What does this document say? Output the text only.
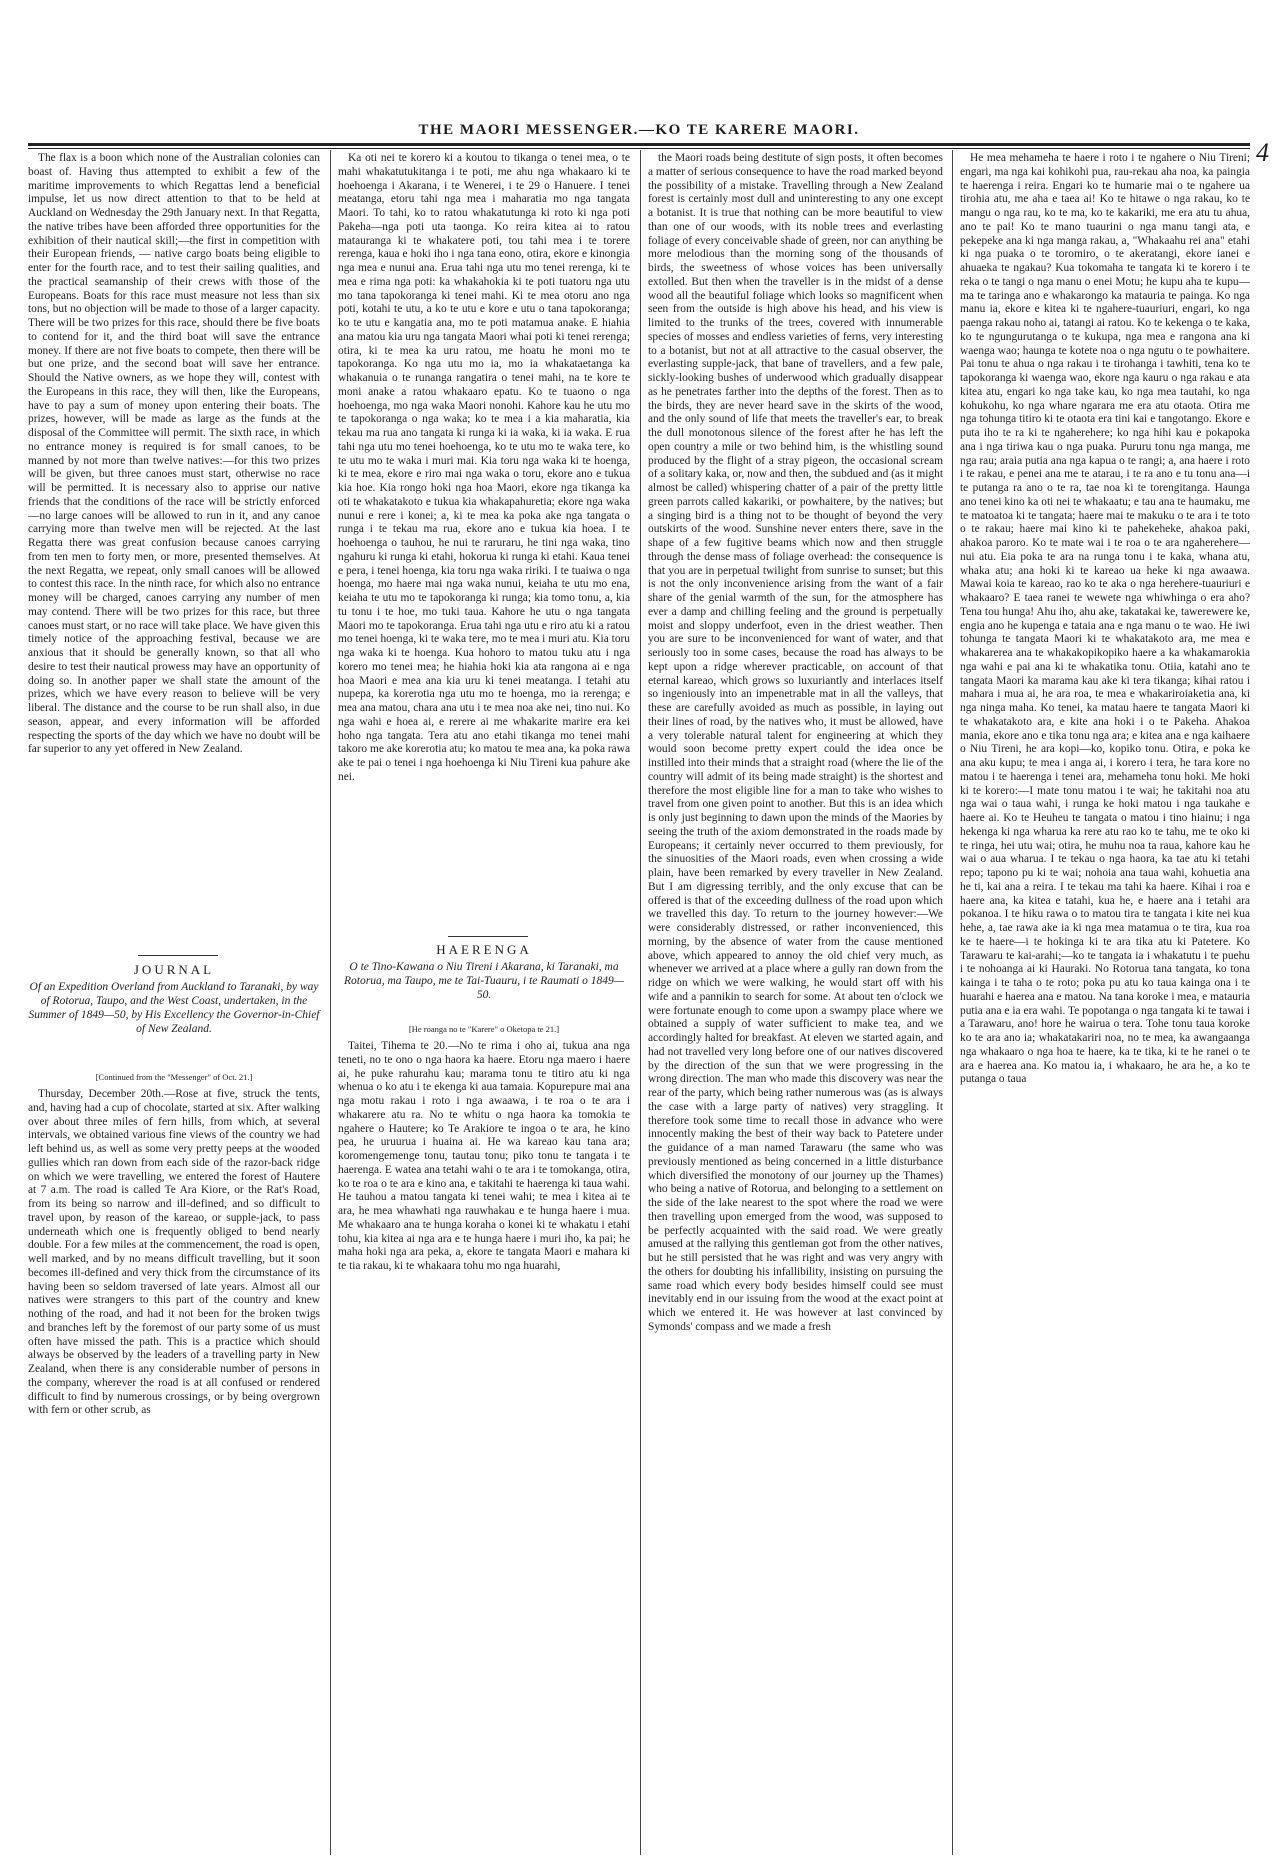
THE MAORI MESSENGER.—KO TE KARERE MAORI.
4

The flax is a boon which none of the Australian colonies can boast of. Having thus attempted to exhibit a few of the maritime improvements to which Regattas lend a beneficial impulse, let us now direct attention to that to be held at Auckland on Wednesday the 29th January next. In that Regatta, the native tribes have been afforded three opportunities for the exhibition of their nautical skill;—the first in competition with their European friends, — native cargo boats being eligible to enter for the fourth race, and to test their sailing qualities, and the practical seamanship of their crews with those of the Europeans. Boats for this race must measure not less than six tons, but no objection will be made to those of a larger capacity. There will be two prizes for this race, should there be five boats to contend for it, and the third boat will save the entrance money. If there are not five boats to compete, then there will be but one prize, and the second boat will save her entrance. Should the Native owners, as we hope they will, contest with the Europeans in this race, they will then, like the Europeans, have to pay a sum of money upon entering their boats. The prizes, however, will be made as large as the funds at the disposal of the Committee will permit. The sixth race, in which no entrance money is required is for small canoes, to be manned by not more than twelve natives:—for this two prizes will be given, but three canoes must start, otherwise no race will be permitted. It is necessary also to apprise our native friends that the conditions of the race will be strictly enforced—no large canoes will be allowed to run in it, and any canoe carrying more than twelve men will be rejected. At the last Regatta there was great confusion because canoes carrying from ten men to forty men, or more, presented themselves. At the next Regatta, we repeat, only small canoes will be allowed to contest this race. In the ninth race, for which also no entrance money will be charged, canoes carrying any number of men may contend. There will be two prizes for this race, but three canoes must start, or no race will take place. We have given this timely notice of the approaching festival, because we are anxious that it should be generally known, so that all who desire to test their nautical prowess may have an opportunity of doing so. In another paper we shall state the amount of the prizes, which we have every reason to believe will be very liberal. The distance and the course to be run shall also, in due season, appear, and every information will be afforded respecting the sports of the day which we have no doubt will be far superior to any yet offered in New Zealand.

Ka oti nei te korero ki a koutou to tikanga o tenei mea, o te mahi whakatutukitanga i te poti, me ahu nga whakaaro ki te hoehoenga i Akarana, i te Wenerei, i te 29 o Hanuere. I tenei meatanga, etoru tahi nga mea i maharatia mo nga tangata Maori. To tahi, ko to ratou whakatutunga ki roto ki nga poti Pakeha—nga poti uta taonga. Ko reira kitea ai to ratou matauranga ki te whakatere poti, tou tahi mea i te torere rerenga, kaua e hoki iho i nga tana eono, otira, ekore e kinongia nga mea e nunui ana. Erua tahi nga utu mo tenei rerenga, ki te mea e rima nga poti: ka whakahokia ki te poti tuatoru nga utu mo tana tapokoranga ki tenei mahi. Ki te mea otoru ano nga poti, kotahi te utu, a ko te utu e kore e utu o tana tapokoranga; ko te utu e kangatia ana, mo te poti matamua anake. E hiahia ana matou kia uru nga tangata Maori whai poti ki tenei rerenga; otira, ki te mea ka uru ratou, me hoatu he moni mo te tapokoranga. Ko nga utu mo ia, mo ia whakataetanga ka whakanuia o te runanga rangatira o tenei mahi, na te kore te moni anake a ratou whakaaro epatu. Ko te tuaono o nga hoehoenga, mo nga waka Maori nonohi. Kahore kau he utu mo te tapokoranga o nga waka; ko te mea i a kia maharatia, kia tekau ma rua ano tangata ki runga ki ia waka, ki ia waka. E rua tahi nga utu mo tenei hoehoenga, ko te utu mo te waka tere, ko te utu mo te waka i muri mai. Kia toru nga waka ki te hoenga, ki te mea, ekore e riro mai nga waka o toru, ekore ano e tukua kia hoe. Kia rongo hoki nga hoa Maori, ekore nga tikanga ka oti te whakatakoto e tukua kia whakapahuretia; ekore nga waka nunui e rere i konei; a, ki te mea ka poka ake nga tangata o runga i te tekau ma rua, ekore ano e tukua kia hoea. I te hoehoenga o tauhou, he nui te raruraru, he tini nga waka, tino ngahuru ki runga ki etahi, hokorua ki runga ki etahi. Kaua tenei e pera, i tenei hoenga, kia toru nga waka ririki. I te tuaiwa o nga hoenga, mo haere mai nga waka nunui, keiaha te utu mo ena, keiaha te utu mo te tapokoranga ki runga; kia tomo tonu, a, kia tu tonu i te hoe, mo tuki taua. Kahore he utu o nga tangata Maori mo te tapokoranga. Erua tahi nga utu e riro atu ki a ratou mo tenei hoenga, ki te waka tere, mo te mea i muri atu. Kia toru nga waka ki te hoenga. Kua hohoro to matou tuku atu i nga korero mo tenei mea; he hiahia hoki kia ata rangona ai e nga hoa Maori e mea ana kia uru ki tenei meatanga. I tetahi atu nupepa, ka korerotia nga utu mo te hoenga, mo ia rerenga; e mea ana matou, chara ana utu i te mea noa ake nei, tino nui. Ko nga wahi e hoea ai, e rerere ai me whakarite marire era kei hoho nga tangata. Tera atu ano etahi tikanga mo tenei mahi takoro me ake korerotia atu; ko matou te mea ana, ka poka rawa ake te pai o tenei i nga hoehoenga ki Niu Tireni kua pahure ake nei.

JOURNAL
Of an Expedition Overland from Auckland to Taranaki, by way of Rotorua, Taupo, and the West Coast, undertaken, in the Summer of 1849—50, by His Excellency the Governor-in-Chief of New Zealand.
[Continued from the "Messenger" of Oct. 21.]

Thursday, December 20th.—Rose at five, struck the tents, and, having had a cup of chocolate, started at six. After walking over about three miles of fern hills, from which, at several intervals, we obtained various fine views of the country we had left behind us, as well as some very pretty peeps at the wooded gullies which ran down from each side of the razor-back ridge on which we were travelling, we entered the forest of Hautere at 7 a.m. The road is called Te Ara Kiore, or the Rat's Road, from its being so narrow and ill-defined, and so difficult to travel upon, by reason of the kareao, or supple-jack, to pass underneath which one is frequently obliged to bend nearly double. For a few miles at the commencement, the road is open, well marked, and by no means difficult travelling, but it soon becomes ill-defined and very thick from the circumstance of its having been so seldom traversed of late years. Almost all our natives were strangers to this part of the country and knew nothing of the road, and had it not been for the broken twigs and branches left by the foremost of our party some of us must often have missed the path. This is a practice which should always be observed by the leaders of a travelling party in New Zealand, when there is any considerable number of persons in the company, wherever the road is at all confused or rendered difficult to find by numerous crossings, or by being overgrown with fern or other scrub, as

HAERENGA
O te Tino-Kawana o Niu Tireni i Akarana, ki Taranaki, ma Rotorua, ma Taupo, me te Tai-Tuauru, i te Raumati o 1849—50.
[He roanga no te "Karere" o Oketopa te 21.]

Taitei, Tihema te 20.—No te rima i oho ai, tukua ana nga teneti, no te ono o nga haora ka haere. Etoru nga maero i haere ai, he puke rahurahu kau; marama tonu te titiro atu ki nga whenua o ko atu i te ekenga ki aua tamaia. Kopurepure mai ana nga motu rakau i roto i nga awaawa, i te roa o te ara i whakarere atu ra. No te whitu o nga haora ka tomokia te ngahere o Hautere; ko Te Arakiore te ingoa o te ara, he kino pea, he uruurua i huaina ai. He wa kareao kau tana ara; koromengemenge tonu, tautau tonu; piko tonu te tangata i te haerenga. E watea ana tetahi wahi o te ara i te tomokanga, otira, ko te roa o te ara e kino ana, e takitahi te haerenga ki taua wahi. He tauhou a matou tangata ki tenei wahi; te mea i kitea ai te ara, he mea whawhati nga rauwhakau e te hunga haere i mua. Me whakaaro ana te hunga koraha o konei ki te whakatu i etahi tohu, kia kitea ai nga ara e te hunga haere i muri iho, ka pai; he maha hoki nga ara peka, a, ekore te tangata Maori e mahara ki te tia rakau, ki te whakaara tohu mo nga huarahi,

the Maori roads being destitute of sign posts, it often becomes a matter of serious consequence to have the road marked beyond the possibility of a mistake. Travelling through a New Zealand forest is certainly most dull and uninteresting to any one except a botanist. It is true that nothing can be more beautiful to view than one of our woods, with its noble trees and everlasting foliage of every conceivable shade of green, nor can anything be more melodious than the morning song of the thousands of birds, the sweetness of whose voices has been universally extolled. But then when the traveller is in the midst of a dense wood all the beautiful foliage which looks so magnificent when seen from the outside is high above his head, and his view is limited to the trunks of the trees, covered with innumerable species of mosses and endless varieties of ferns, very interesting to a botanist, but not at all attractive to the casual observer, the everlasting supple-jack, that bane of travellers, and a few pale, sickly-looking bushes of underwood which gradually disappear as he penetrates farther into the depths of the forest. Then as to the birds, they are never heard save in the skirts of the wood, and the only sound of life that meets the traveller's ear, to break the dull monotonous silence of the forest after he has left the open country a mile or two behind him, is the whistling sound produced by the flight of a stray pigeon, the occasional scream of a solitary kaka, or, now and then, the subdued and (as it might almost be called) whispering chatter of a pair of the pretty little green parrots called kakariki, or powhaitere, by the natives; but a singing bird is a thing not to be thought of beyond the very outskirts of the wood. Sunshine never enters there, save in the shape of a few fugitive beams which now and then struggle through the dense mass of foliage overhead: the consequence is that you are in perpetual twilight from sunrise to sunset; but this is not the only inconvenience arising from the want of a fair share of the genial warmth of the sun, for the atmosphere has ever a damp and chilling feeling and the ground is perpetually moist and sloppy underfoot, even in the driest weather. Then you are sure to be inconvenienced for want of water, and that seriously too in some cases, because the road has always to be kept upon a ridge wherever practicable, on account of that eternal kareao, which grows so luxuriantly and interlaces itself so ingeniously into an impenetrable mat in all the valleys, that these are carefully avoided as much as possible, in laying out their lines of road, by the natives who, it must be allowed, have a very tolerable natural talent for engineering at which they would soon become pretty expert could the idea once be instilled into their minds that a straight road (where the lie of the country will admit of its being made straight) is the shortest and therefore the most eligible line for a man to take who wishes to travel from one given point to another. But this is an idea which is only just beginning to dawn upon the minds of the Maories by seeing the truth of the axiom demonstrated in the roads made by Europeans; it certainly never occurred to them previously, for the sinuosities of the Maori roads, even when crossing a wide plain, have been remarked by every traveller in New Zealand. But I am digressing terribly, and the only excuse that can be offered is that of the exceeding dullness of the road upon which we travelled this day. To return to the journey however:—We were considerably distressed, or rather inconvenienced, this morning, by the absence of water from the cause mentioned above, which appeared to annoy the old chief very much, as whenever we arrived at a place where a gully ran down from the ridge on which we were walking, he would start off with his wife and a pannikin to search for some. At about ten o'clock we were fortunate enough to come upon a swampy place where we obtained a supply of water sufficient to make tea, and we accordingly halted for breakfast. At eleven we started again, and had not travelled very long before one of our natives discovered by the direction of the sun that we were progressing in the wrong direction. The man who made this discovery was near the rear of the party, which being rather numerous was (as is always the case with a large party of natives) very straggling. It therefore took some time to recall those in advance who were innocently making the best of their way back to Patetere under the guidance of a man named Tarawaru (the same who was previously mentioned as being concerned in a little disturbance which diversified the monotony of our journey up the Thames) who being a native of Rotorua, and belonging to a settlement on the side of the lake nearest to the spot where the road we were then travelling upon emerged from the wood, was supposed to be perfectly acquainted with the said road. We were greatly amused at the rallying this gentleman got from the other natives, but he still persisted that he was right and was very angry with the others for doubting his infallibility, insisting on pursuing the same road which every body besides himself could see must inevitably end in our issuing from the wood at the exact point at which we entered it. He was however at last convinced by Symonds' compass and we made a fresh

He mea mehameha te haere i roto i te ngahere o Niu Tireni; engari, ma nga kai kohikohi pua, rau-rekau aha noa, ka paingia te haerenga i reira. Engari ko te humarie mai o te ngahere ua tirohia atu, me aha e taea ai! Ko te hitawe o nga rakau, ko te mangu o nga rau, ko te ma, ko te kakariki, me era atu tu ahua, ano te pai! Ko te mano tuaurini o nga manu tangi ata, e pekepeke ana ki nga manga rakau, a, "Whakaahu rei ana" etahi ki nga puaka o te toromiro, o te akeratangi, ekore ianei e ahuaeka te ngakau? Kua tokomaha te tangata ki te korero i te reka o te tangi o nga manu o enei Motu; he kupu aha te kupu—ma te taringa ano e whakarongo ka matauria te painga. Ko nga manu ia, ekore e kitea ki te ngahere-tuauriuri, engari, ko nga paenga rakau noho ai, tatangi ai ratou. Ko te kekenga o te kaka, ko te ngungurutanga o te kukupa, nga mea e rangona ana ki waenga wao; haunga te kotete noa o nga ngutu o te powhaitere. Pai tonu te ahua o nga rakau i te tirohanga i tawhiti, tena ko te tapokoranga ki waenga wao, ekore nga kauru o nga rakau e ata kitea atu, engari ko nga take kau, ko nga mea tautahi, ko nga kohukohu, ko nga whare ngarara me era atu otaota. Otira me nga tohunga titiro ki te otaota era tini kai e tangotango. Ekore e puta iho te ra ki te ngaherehere; ko nga hihi kau e pokapoka ana i nga tiriwa kau o nga puaka. Pururu tonu nga manga, me nga rau; araia putia ana nga kapua o te rangi; a, ana haere i roto i te rakau, e penei ana me te atarau, i te ra ano e tu tonu ana—i te putanga ra ano o te ra, tae noa ki te torengitanga. Haunga ano tenei kino ka oti nei te whakaatu; e tau ana te haumaku, me te matoatoa ki te tangata; haere mai te makuku o te ara i te toto o te rakau; haere mai kino ki te pahekeheke, ahakoa paki, ahakoa paroro. Ko te mate wai i te roa o te ara ngaherehere—nui atu. Eia poka te ara na runga tonu i te kaka, whana atu, whaka atu; ana hoki ki te kareao ua heke ki nga awaawa. Mawai koia te kareao, rao ko te aka o nga herehere-tuauriuri e whakaaro? E taea ranei te wewete nga whiwhinga o era aho? Tena tou hunga! Ahu iho, ahu ake, takatakai ke, tawerewere ke, engia ano he kupenga e tataia ana e nga manu o te wao. He iwi tohunga te tangata Maori ki te whakatakoto ara, me mea e whakarerea ana te whakakopikopiko haere a ka whakamarokia nga wahi e pai ana ki te whakatika tonu. Otiia, katahi ano te tangata Maori ka marama kau ake ki tera tikanga; kihai ratou i mahara i mua ai, he ara roa, te mea e whakariroiaketia ana, ki nga ninga maha. Ko tenei, ka matau haere te tangata Maori ki te whakatakoto ara, e kite ana hoki i o te Pakeha. Ahakoa mania, ekore ano e tika tonu nga ara; e kitea ana e nga kaihaere o Niu Tireni, he ara kopi—ko, kopiko tonu. Otira, e poka ke ana aku kupu; te mea i anga ai, i korero i tera, he tara kore no matou i te haerenga i tenei ara, mehameha tonu hoki. Me hoki ki te korero:—I mate tonu matou i te wai; he takitahi noa atu nga wai o taua wahi, i runga ke hoki matou i nga taukahe e haere ai. Ko te Heuheu te tangata o matou i tino hiainu; i nga hekenga ki nga wharua ka rere atu rao ko te tahu, me te oko ki te ringa, hei utu wai; otira, he muhu noa ta raua, kahore kau he wai o aua wharua. I te tekau o nga haora, ka tae atu ki tetahi repo; tapono pu ki te wai; nohoia ana taua wahi, kohuetia ana he ti, kai ana a reira. I te tekau ma tahi ka haere. Kihai i roa e haere ana, ka kitea e tatahi, kua he, e haere ana i tetahi ara pokanoa. I te hiku rawa o to matou tira te tangata i kite nei kua hehe, a, tae rawa ake ia ki nga mea matamua o te tira, kua roa ke te haere—i te hokinga ki te ara tika atu ki Patetere. Ko Tarawaru te kai-arahi;—ko te tangata ia i whakatutu i te puehu i te nohoanga ai ki Hauraki. No Rotorua tana tangata, ko tona kainga i te taha o te roto; poka pu atu ko taua kainga ona i te huarahi e haerea ana e matou. Na tana koroke i mea, e matauria putia ana e ia era wahi. Te popotanga o nga tangata ki te tawai i a Tarawaru, ano! hore he wairua o tera. Tohe tonu taua koroke ko te ara ano ia; whakatakariri noa, no te mea, ka awangaanga nga whakaaro o nga hoa te haere, ka te tika, ki te he ranei o te ara e haerea ana. Ko matou ia, i whakaaro, he ara he, a ko te putanga o taua
